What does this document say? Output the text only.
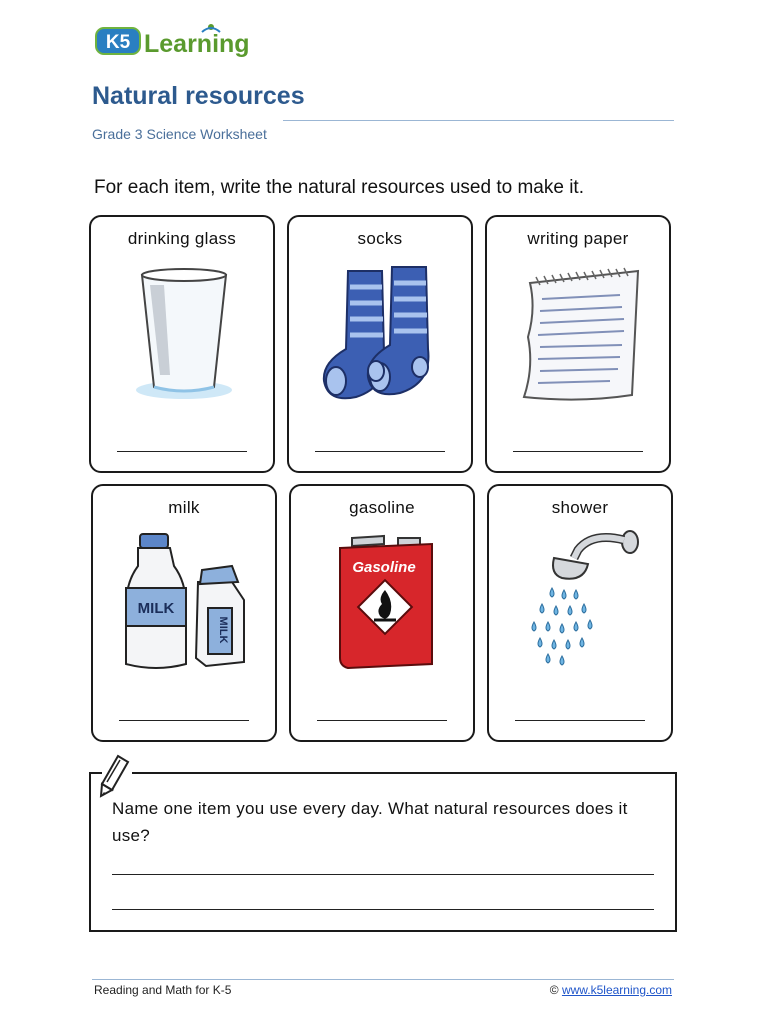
K5 Learning
Natural resources
Grade 3 Science Worksheet
For each item, write the natural resources used to make it.
drinking glass	socks	writing paper
milk
MILK
MILK
gasoline
Gasoline
shower
Name one item you use every day. What natural resources does it use?
Reading and Math for K-5	© www.k5learning.com
